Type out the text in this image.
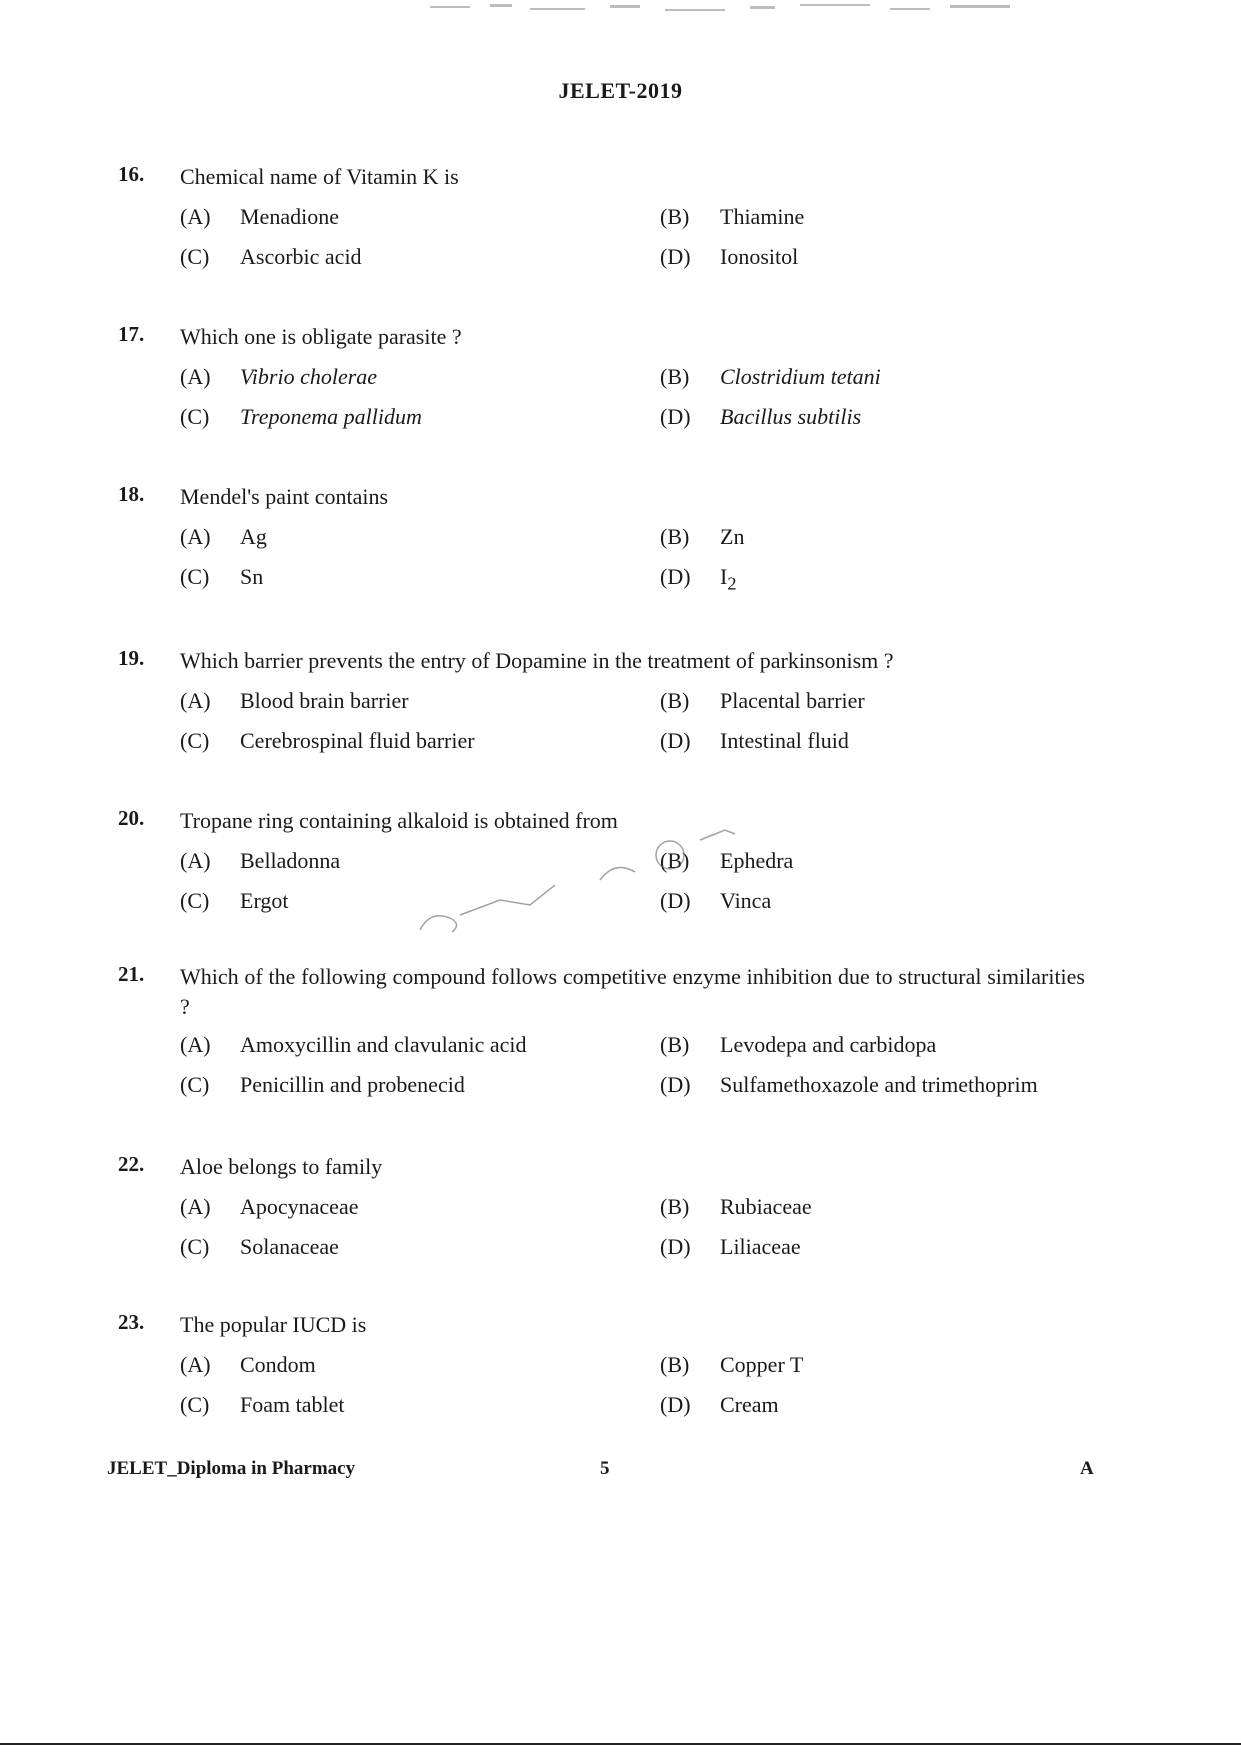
JELET-2019
16. Chemical name of Vitamin K is
(A) Menadione	(B) Thiamine
(C) Ascorbic acid	(D) Ionositol
17. Which one is obligate parasite ?
(A) Vibrio cholerae	(B) Clostridium tetani
(C) Treponema pallidum	(D) Bacillus subtilis
18. Mendel's paint contains
(A) Ag	(B) Zn
(C) Sn	(D) $I_2$
19. Which barrier prevents the entry of Dopamine in the treatment of parkinsonism ?
(A) Blood brain barrier	(B) Placental barrier
(C) Cerebrospinal fluid barrier	(D) Intestinal fluid
20. Tropane ring containing alkaloid is obtained from
(A) Belladonna	(B) Ephedra
(C) Ergot	(D) Vinca
21. Which of the following compound follows competitive enzyme inhibition due to structural similarities ?
(A) Amoxycillin and clavulanic acid	(B) Levodepa and carbidopa
(C) Penicillin and probenecid	(D) Sulfamethoxazole and trimethoprim
22. Aloe belongs to family
(A) Apocynaceae	(B) Rubiaceae
(C) Solanaceae	(D) Liliaceae
23. The popular IUCD is
(A) Condom	(B) Copper T
(C) Foam tablet	(D) Cream
JELET_Diploma in Pharmacy	5	A
